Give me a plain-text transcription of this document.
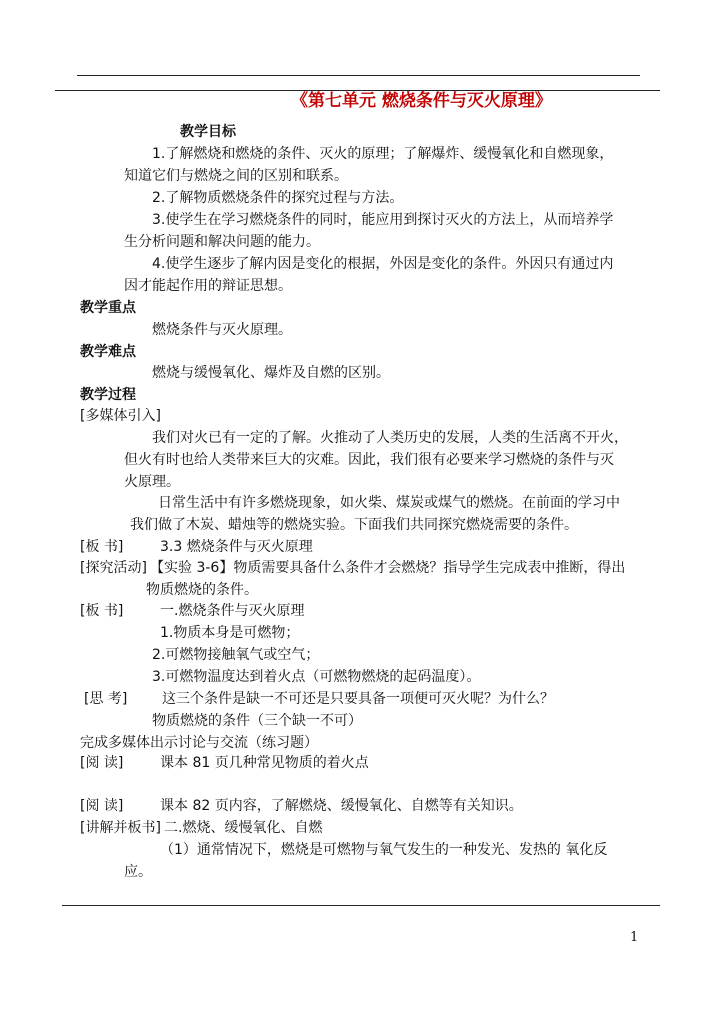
《第七单元 燃烧条件与灭火原理》
教学目标
1.了解燃烧和燃烧的条件、灭火的原理；了解爆炸、缓慢氧化和自燃现象，
知道它们与燃烧之间的区别和联系。
2.了解物质燃烧条件的探究过程与方法。
3.使学生在学习燃烧条件的同时，能应用到探讨灭火的方法上，从而培养学
生分析问题和解决问题的能力。
4.使学生逐步了解内因是变化的根据，外因是变化的条件。外因只有通过内
因才能起作用的辩证思想。
教学重点
燃烧条件与灭火原理。
教学难点
燃烧与缓慢氧化、爆炸及自燃的区别。
教学过程
[多媒体引入]
我们对火已有一定的了解。火推动了人类历史的发展，人类的生活离不开火，
但火有时也给人类带来巨大的灾难。因此，我们很有必要来学习燃烧的条件与灭
火原理。
日常生活中有许多燃烧现象，如火柴、煤炭或煤气的燃烧。在前面的学习中
我们做了木炭、蜡烛等的燃烧实验。下面我们共同探究燃烧需要的条件。
[板 书]	3.3 燃烧条件与灭火原理
[探究活动] 【实验 3-6】物质需要具备什么条件才会燃烧？指导学生完成表中推断，得出
物质燃烧的条件。
[板 书]	一.燃烧条件与灭火原理
1.物质本身是可燃物；
2.可燃物接触氧气或空气；
3.可燃物温度达到着火点（可燃物燃烧的起码温度）。
[思 考] 这三个条件是缺一不可还是只要具备一项便可灭火呢？为什么？
物质燃烧的条件（三个缺一不可）
完成多媒体出示讨论与交流（练习题）
[阅 读]	课本 81 页几种常见物质的着火点
[阅 读]	课本 82 页内容，了解燃烧、缓慢氧化、自燃等有关知识。
[讲解并板书] 二.燃烧、缓慢氧化、自燃
（1）通常情况下，燃烧是可燃物与氧气发生的一种发光、发热的 氧化反
应。
1
